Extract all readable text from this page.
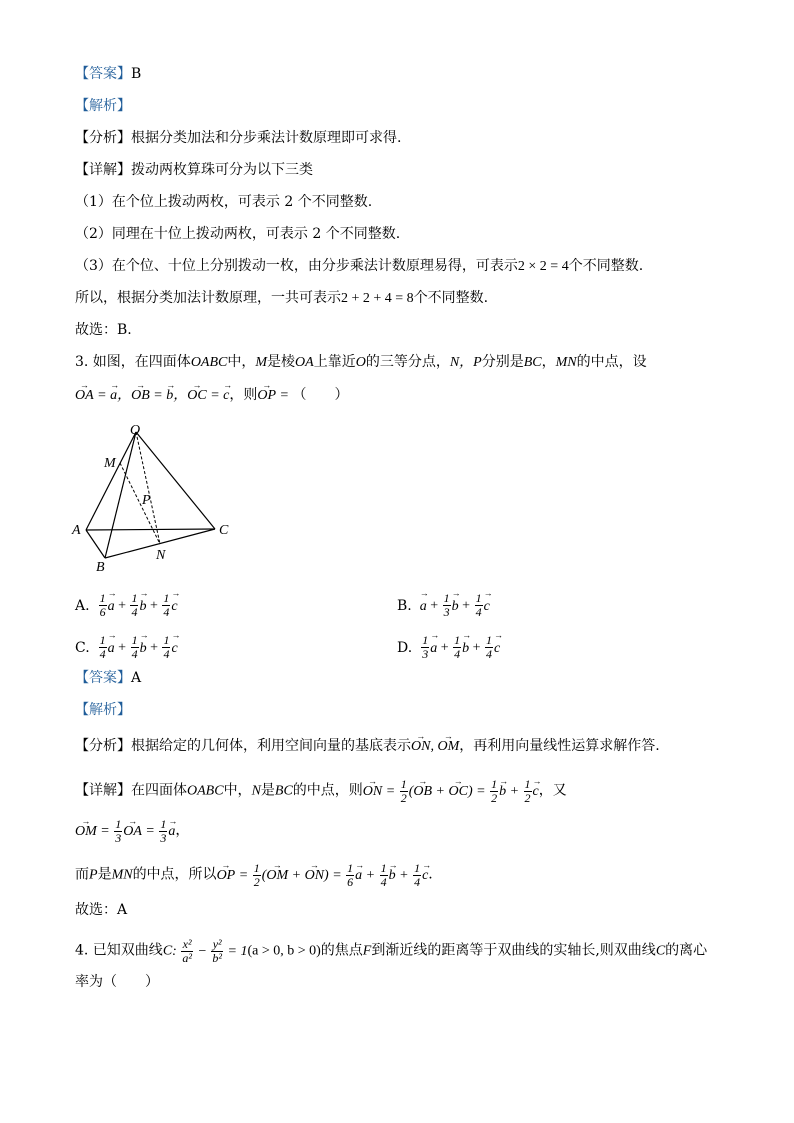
【答案】B
【解析】
【分析】根据分类加法和分步乘法计数原理即可求得.
【详解】拨动两枚算珠可分为以下三类
（1）在个位上拨动两枚，可表示 2 个不同整数.
（2）同理在十位上拨动两枚，可表示 2 个不同整数.
（3）在个位、十位上分别拨动一枚，由分步乘法计数原理易得，可表示2 × 2 = 4个不同整数.
所以，根据分类加法计数原理，一共可表示2 + 2 + 4 = 8个不同整数.
故选：B.
3. 如图，在四面体OABC中，M是棱OA上靠近O的三等分点，N，P分别是BC，MN的中点，设
→ OA = → a，→ OB = → b，→ OC = → c，则→ OP = （　　）
O
M
P
A	C
N
B
A. $\frac{1}{6}$
→ $a + \frac{1}{4}$
→ $b + \frac{1}{4}$
→ c	$B.\to a + \frac{1}{3}$
→ $b + \frac{1}{4}$
→ c
C. $\frac{1}{4}$
→ $a + \frac{1}{4}$
→ $b + \frac{1}{4}$
→ c	D. $\frac{1}{3}$
→ $a + \frac{1}{4}$
→ $b + \frac{1}{4}$
→ c
【答案】A
【解析】
【分析】根据给定的几何体，利用空间向量的基底表示→ ON, → OM，再利用向量线性运算求解作答.
【详解】在四面体OABC中，N是BC的中点，则→ ON = $\frac{1}{2}$ (→ OB + → $OC) = \frac{1}{2}$
→ $b + \frac{1}{2}$
→ c，又
→ OM = $\frac{1}{3}$
→ OA = $\frac{1}{3}$
→ a，
而P是MN的中点，所以→ OP = $\frac{1}{2}$ (→ OM + → $ON) = \frac{1}{6}$
→ $a + \frac{1}{4}$
→ $b + \frac{1}{4}$
→ c.
故选：A
4. 已知双曲线C: $\frac{\text{x²}}{\text{a²}} - \frac{\text{y²}}{\text{b²}} = 1(a > 0$, b > 0)的焦点F到渐近线的距离等于双曲线的实轴长,则双曲线C的离心
率为（　　）
